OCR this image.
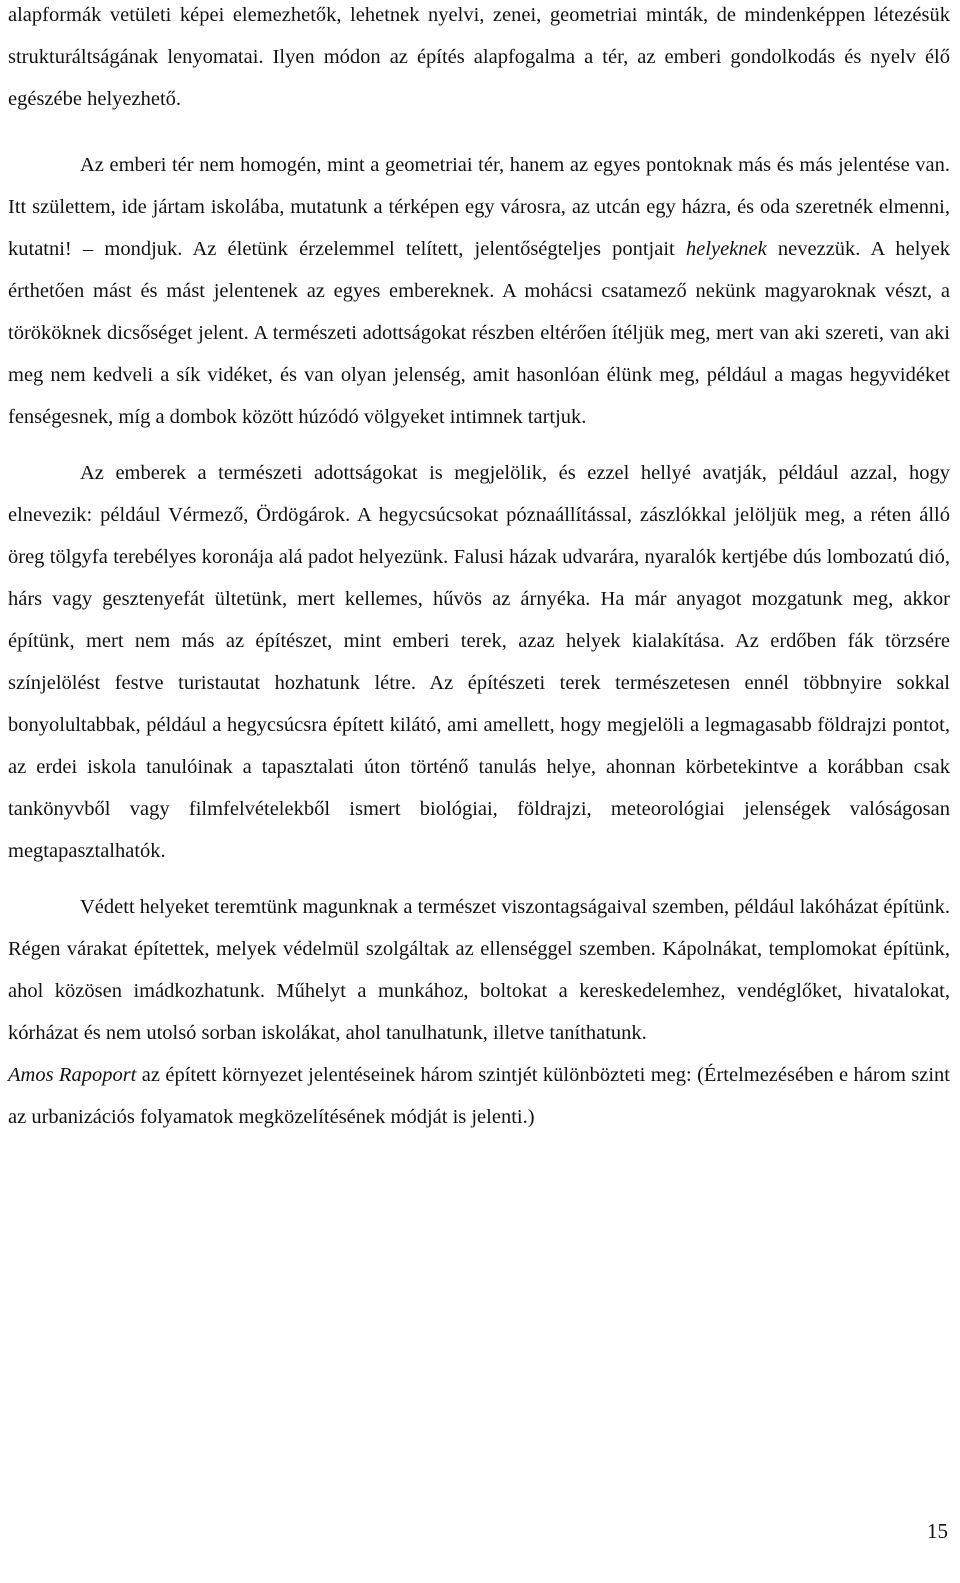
alapformák vetületi képei elemezhetők, lehetnek nyelvi, zenei, geometriai minták, de mindenképpen létezésük strukturáltságának lenyomatai. Ilyen módon az építés alapfogalma a tér, az emberi gondolkodás és nyelv élő egészébe helyezhető.

Az emberi tér nem homogén, mint a geometriai tér, hanem az egyes pontoknak más és más jelentése van. Itt születtem, ide jártam iskolába, mutatunk a térképen egy városra, az utcán egy házra, és oda szeretnék elmenni, kutatni! – mondjuk. Az életünk érzelemmel telített, jelentőségteljes pontjait helyeknek nevezzük. A helyek érthetően mást és mást jelentenek az egyes embereknek. A mohácsi csatamező nekünk magyaroknak vészt, a törököknek dicsőséget jelent. A természeti adottságokat részben eltérően ítéljük meg, mert van aki szereti, van aki meg nem kedveli a sík vidéket, és van olyan jelenség, amit hasonlóan élünk meg, például a magas hegyvidéket fenségesnek, míg a dombok között húzódó völgyeket intimnek tartjuk.

Az emberek a természeti adottságokat is megjelölik, és ezzel hellyé avatják, például azzal, hogy elnevezik: például Vérmező, Ördögárok. A hegycsúcsokat póznaállítással, zászlókkal jelöljük meg, a réten álló öreg tölgyfa terebélyes koronája alá padot helyezünk. Falusi házak udvarára, nyaralók kertjébe dús lombozatú dió, hárs vagy gesztenyefát ültetünk, mert kellemes, hűvös az árnyéka. Ha már anyagot mozgatunk meg, akkor építünk, mert nem más az építészet, mint emberi terek, azaz helyek kialakítása. Az erdőben fák törzsére színjelölést festve turistautat hozhatunk létre. Az építészeti terek természetesen ennél többnyire sokkal bonyolultabbak, például a hegycsúcsra épített kilátó, ami amellett, hogy megjelöli a legmagasabb földrajzi pontot, az erdei iskola tanulóinak a tapasztalati úton történő tanulás helye, ahonnan körbetekintve a korábban csak tankönyvből vagy filmfelvételekből ismert biológiai, földrajzi, meteorológiai jelenségek valóságosan megtapasztalhatók.

Védett helyeket teremtünk magunknak a természet viszontagságaival szemben, például lakóházat építünk. Régen várakat építettek, melyek védelmül szolgáltak az ellenséggel szemben. Kápolnákat, templomokat építünk, ahol közösen imádkozhatunk. Műhelyt a munkához, boltokat a kereskedelemhez, vendéglőket, hivatalokat, kórházat és nem utolsó sorban iskolákat, ahol tanulhatunk, illetve taníthatunk.

Amos Rapoport az épített környezet jelentéseinek három szintjét különbözteti meg: (Értelmezésében e három szint az urbanizációs folyamatok megközelítésének módját is jelenti.)

15
